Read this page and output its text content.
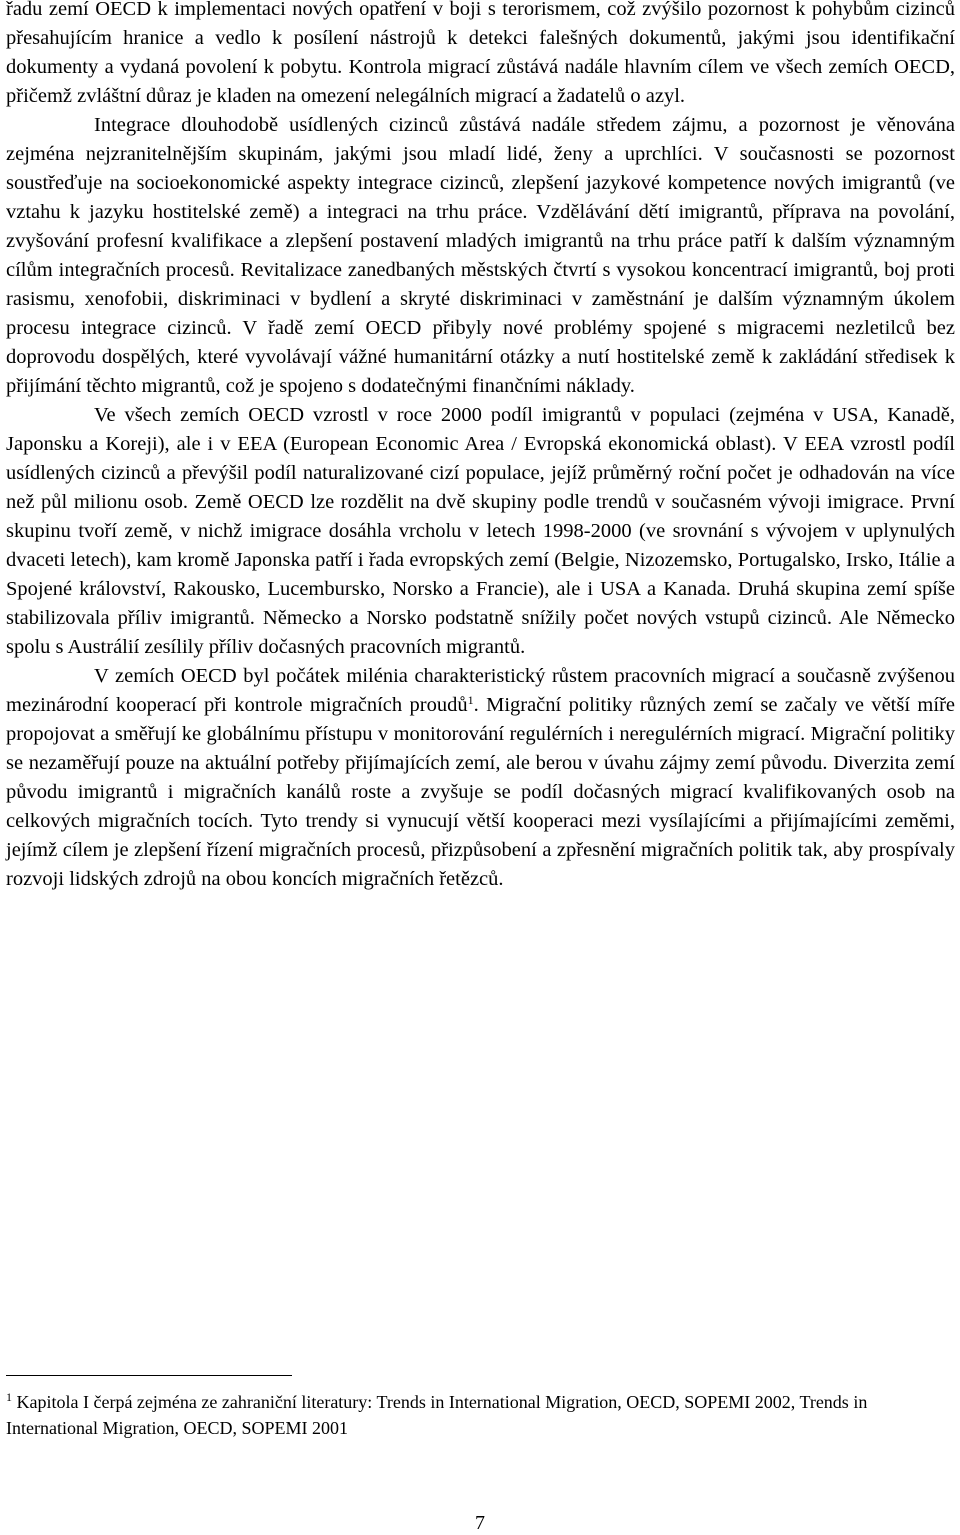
řadu zemí OECD k implementaci nových opatření v boji s terorismem, což zvýšilo pozornost k pohybům cizinců přesahujícím hranice a vedlo k posílení nástrojů k detekci falešných dokumentů, jakými jsou identifikační dokumenty a vydaná povolení k pobytu. Kontrola migrací zůstává nadále hlavním cílem ve všech zemích OECD, přičemž zvláštní důraz je kladen na omezení nelegálních migrací a žadatelů o azyl.

Integrace dlouhodobě usídlených cizinců zůstává nadále středem zájmu, a pozornost je věnována zejména nejzranitelnějším skupinám, jakými jsou mladí lidé, ženy a uprchlíci. V současnosti se pozornost soustřeďuje na socioekonomické aspekty integrace cizinců, zlepšení jazykové kompetence nových imigrantů (ve vztahu k jazyku hostitelské země) a integraci na trhu práce. Vzdělávání dětí imigrantů, příprava na povolání, zvyšování profesní kvalifikace a zlepšení postavení mladých imigrantů na trhu práce patří k dalším významným cílům integračních procesů. Revitalizace zanedbaných městských čtvrtí s vysokou koncentrací imigrantů, boj proti rasismu, xenofobii, diskriminaci v bydlení a skryté diskriminaci v zaměstnání je dalším významným úkolem procesu integrace cizinců. V řadě zemí OECD přibyly nové problémy spojené s migracemi nezletilců bez doprovodu dospělých, které vyvolávají vážné humanitární otázky a nutí hostitelské země k zakládání středisek k přijímání těchto migrantů, což je spojeno s dodatečnými finančními náklady.

Ve všech zemích OECD vzrostl v roce 2000 podíl imigrantů v populaci (zejména v USA, Kanadě, Japonsku a Koreji), ale i v EEA (European Economic Area / Evropská ekonomická oblast). V EEA vzrostl podíl usídlených cizinců a převýšil podíl naturalizované cizí populace, jejíž průměrný roční počet je odhadován na více než půl milionu osob. Země OECD lze rozdělit na dvě skupiny podle trendů v současném vývoji imigrace. První skupinu tvoří země, v nichž imigrace dosáhla vrcholu v letech 1998-2000 (ve srovnání s vývojem v uplynulých dvaceti letech), kam kromě Japonska patří i řada evropských zemí (Belgie, Nizozemsko, Portugalsko, Irsko, Itálie a Spojené království, Rakousko, Lucembursko, Norsko a Francie), ale i USA a Kanada. Druhá skupina zemí spíše stabilizovala příliv imigrantů. Německo a Norsko podstatně snížily počet nových vstupů cizinců. Ale Německo spolu s Austrálií zesílily příliv dočasných pracovních migrantů.

V zemích OECD byl počátek milénia charakteristický růstem pracovních migrací a současně zvýšenou mezinárodní kooperací při kontrole migračních proudů$^1$. Migrační politiky různých zemí se začaly ve větší míře propojovat a směřují ke globálnímu přístupu v monitorování regulérních i neregulérních migrací. Migrační politiky se nezaměřují pouze na aktuální potřeby přijímajících zemí, ale berou v úvahu zájmy zemí původu. Diverzita zemí původu imigrantů i migračních kanálů roste a zvyšuje se podíl dočasných migrací kvalifikovaných osob na celkových migračních tocích. Tyto trendy si vynucují větší kooperaci mezi vysílajícími a přijímajícími zeměmi, jejímž cílem je zlepšení řízení migračních procesů, přizpůsobení a zpřesnění migračních politik tak, aby prospívaly rozvoji lidských zdrojů na obou koncích migračních řetězců.

$^1$ Kapitola I čerpá zejména ze zahraniční literatury: Trends in International Migration, OECD, SOPEMI 2002, Trends in International Migration, OECD, SOPEMI 2001

7
